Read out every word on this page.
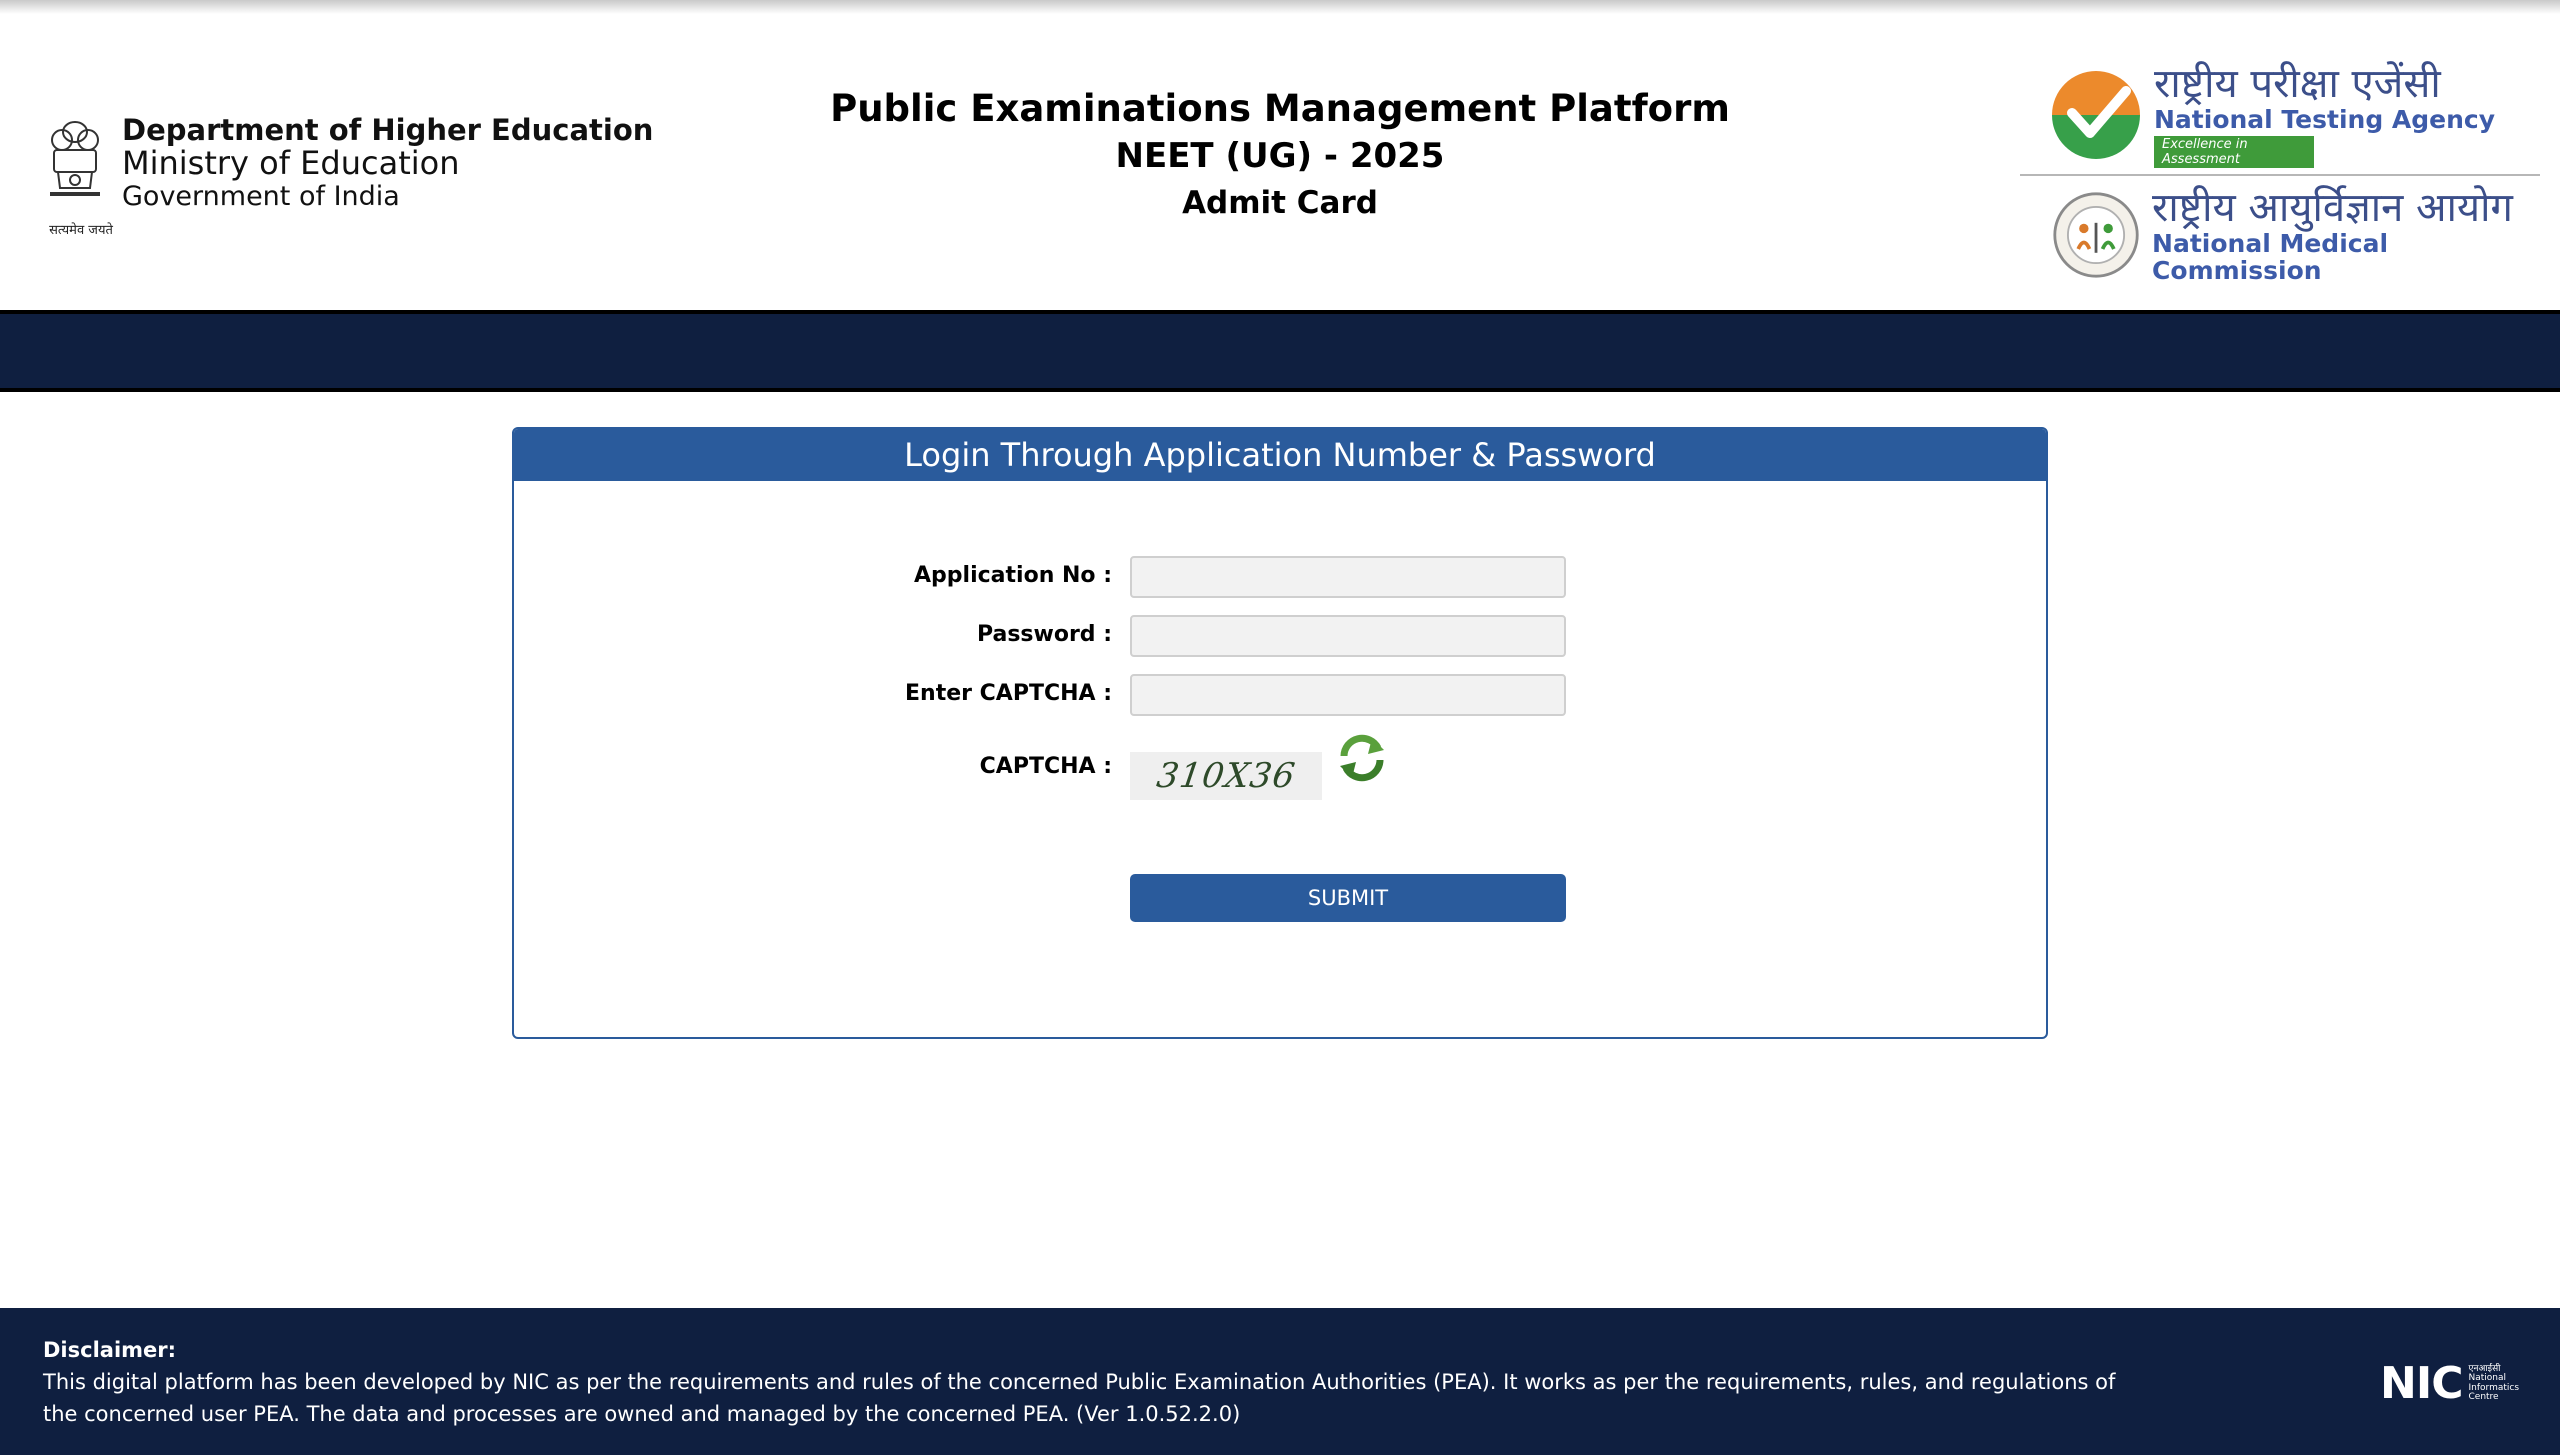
सत्यमेव जयते
Department of Higher Education
Ministry of Education
Government of India
Public Examinations Management Platform
NEET (UG) - 2025
Admit Card
राष्ट्रीय परीक्षा एजेंसी
National Testing Agency
Excellence in Assessment
राष्ट्रीय आयुर्विज्ञान आयोग
National Medical Commission
Login Through Application Number & Password
Application No :
Password :
Enter CAPTCHA :
CAPTCHA :	310X36
SUBMIT
Disclaimer:
This digital platform has been developed by NIC as per the requirements and rules of the concerned Public Examination Authorities (PEA). It works as per the requirements, rules, and regulations of the concerned user PEA. The data and processes are owned and managed by the concerned PEA. (Ver 1.0.52.2.0)
NIC एनआईसी
National Informatics Centre
